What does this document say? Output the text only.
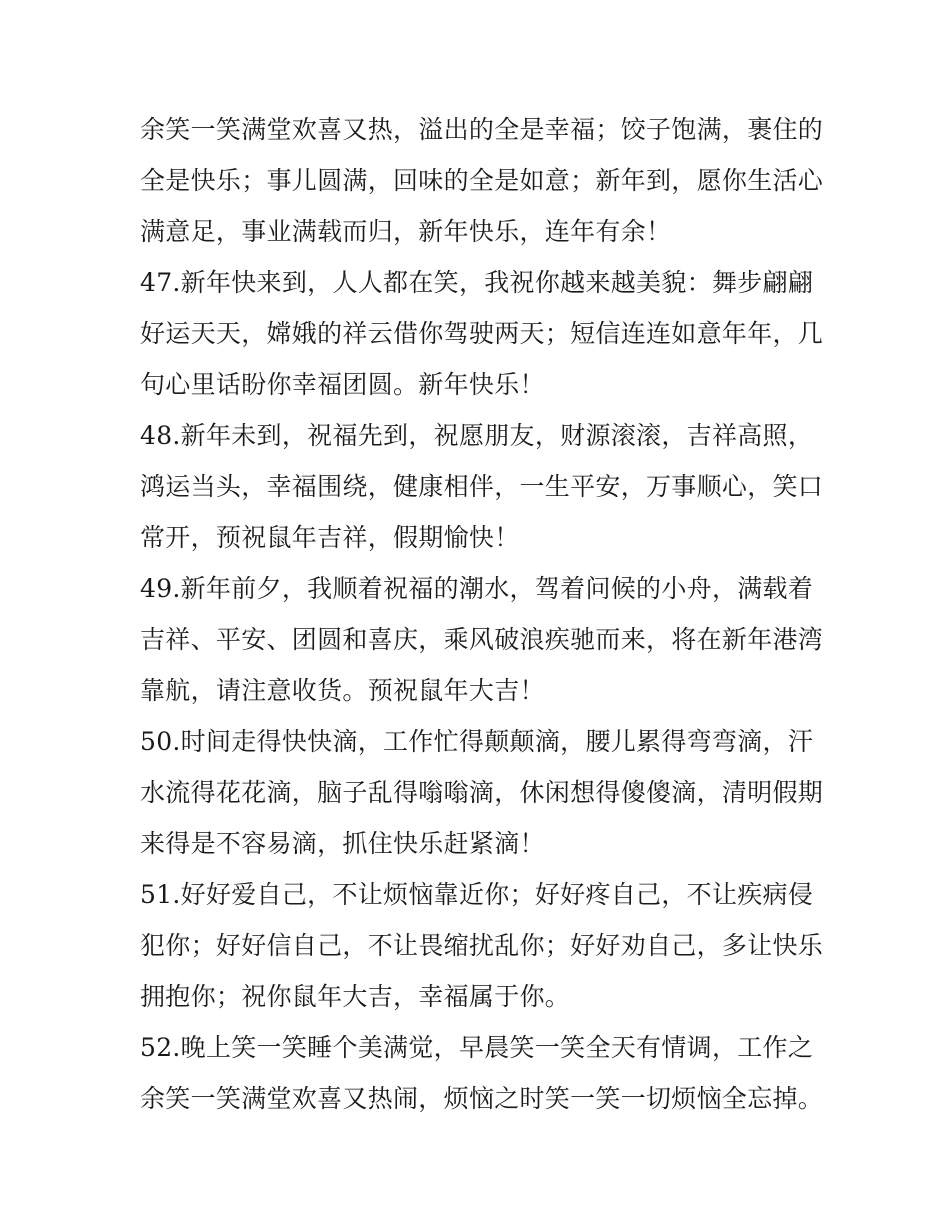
余笑一笑满堂欢喜又热，溢出的全是幸福；饺子饱满，裹住的
全是快乐；事儿圆满，回味的全是如意；新年到，愿你生活心
满意足，事业满载而归，新年快乐，连年有余！
47.新年快来到，人人都在笑，我祝你越来越美貌：舞步翩翩
好运天天，嫦娥的祥云借你驾驶两天；短信连连如意年年，几
句心里话盼你幸福团圆。新年快乐！
48.新年未到，祝福先到，祝愿朋友，财源滚滚，吉祥高照，
鸿运当头，幸福围绕，健康相伴，一生平安，万事顺心，笑口
常开，预祝鼠年吉祥，假期愉快！
49.新年前夕，我顺着祝福的潮水，驾着问候的小舟，满载着
吉祥、平安、团圆和喜庆，乘风破浪疾驰而来，将在新年港湾
靠航，请注意收货。预祝鼠年大吉！
50.时间走得快快滴，工作忙得颠颠滴，腰儿累得弯弯滴，汗
水流得花花滴，脑子乱得嗡嗡滴，休闲想得傻傻滴，清明假期
来得是不容易滴，抓住快乐赶紧滴！
51.好好爱自己，不让烦恼靠近你；好好疼自己，不让疾病侵
犯你；好好信自己，不让畏缩扰乱你；好好劝自己，多让快乐
拥抱你；祝你鼠年大吉，幸福属于你。
52.晚上笑一笑睡个美满觉，早晨笑一笑全天有情调，工作之
余笑一笑满堂欢喜又热闹，烦恼之时笑一笑一切烦恼全忘掉。
